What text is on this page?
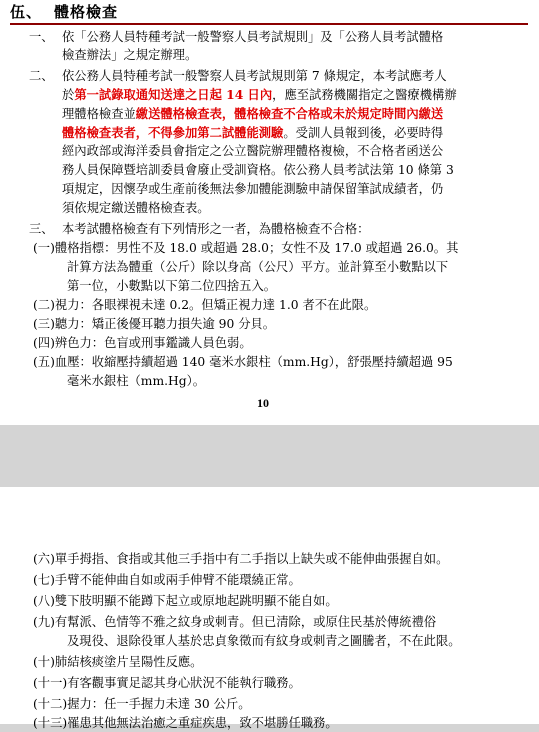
伍、 體格檢查
一、 依「公務人員特種考試一般警察人員考試規則」及「公務人員考試體格
檢查辦法」之規定辦理。
二、 依公務人員特種考試一般警察人員考試規則第 7 條規定，本考試應考人
於第一試錄取通知送達之日起 14 日內，應至試務機關指定之醫療機構辦
理體格檢查並繳送體格檢查表，體格檢查不合格或未於規定時間內繳送
體格檢查表者，不得參加第二試體能測驗。受訓人員報到後，必要時得
經內政部或海洋委員會指定之公立醫院辦理體格複檢，不合格者函送公
務人員保障暨培訓委員會廢止受訓資格。依公務人員考試法第 10 條第 3
項規定，因懷孕或生產前後無法參加體能測驗申請保留筆試成績者，仍
須依規定繳送體格檢查表。
三、 本考試體格檢查有下列情形之一者，為體格檢查不合格：
(一)體格指標：男性不及 18.0 或超過 28.0；女性不及 17.0 或超過 26.0。其
計算方法為體重（公斤）除以身高（公尺）平方。並計算至小數點以下
第一位，小數點以下第二位四捨五入。
(二)視力：各眼裸視未達 0.2。但矯正視力達 1.0 者不在此限。
(三)聽力：矯正後優耳聽力損失逾 90 分貝。
(四)辨色力：色盲或刑事鑑識人員色弱。
(五)血壓：收縮壓持續超過 140 毫米水銀柱（mm.Hg），舒張壓持續超過 95
毫米水銀柱（mm.Hg）。
10
(六)單手拇指、食指或其他三手指中有二手指以上缺失或不能伸曲張握自如。
(七)手臂不能伸曲自如或兩手伸臂不能環繞正常。
(八)雙下肢明顯不能蹲下起立或原地起跳明顯不能自如。
(九)有幫派、色情等不雅之紋身或刺青。但已清除，或原住民基於傳統禮俗
及現役、退除役軍人基於忠貞象徵而有紋身或刺青之圖騰者，不在此限。
(十)肺結核痰塗片呈陽性反應。
(十一)有客觀事實足認其身心狀況不能執行職務。
(十二)握力：任一手握力未達 30 公斤。
(十三)罹患其他無法治癒之重症疾患，致不堪勝任職務。
